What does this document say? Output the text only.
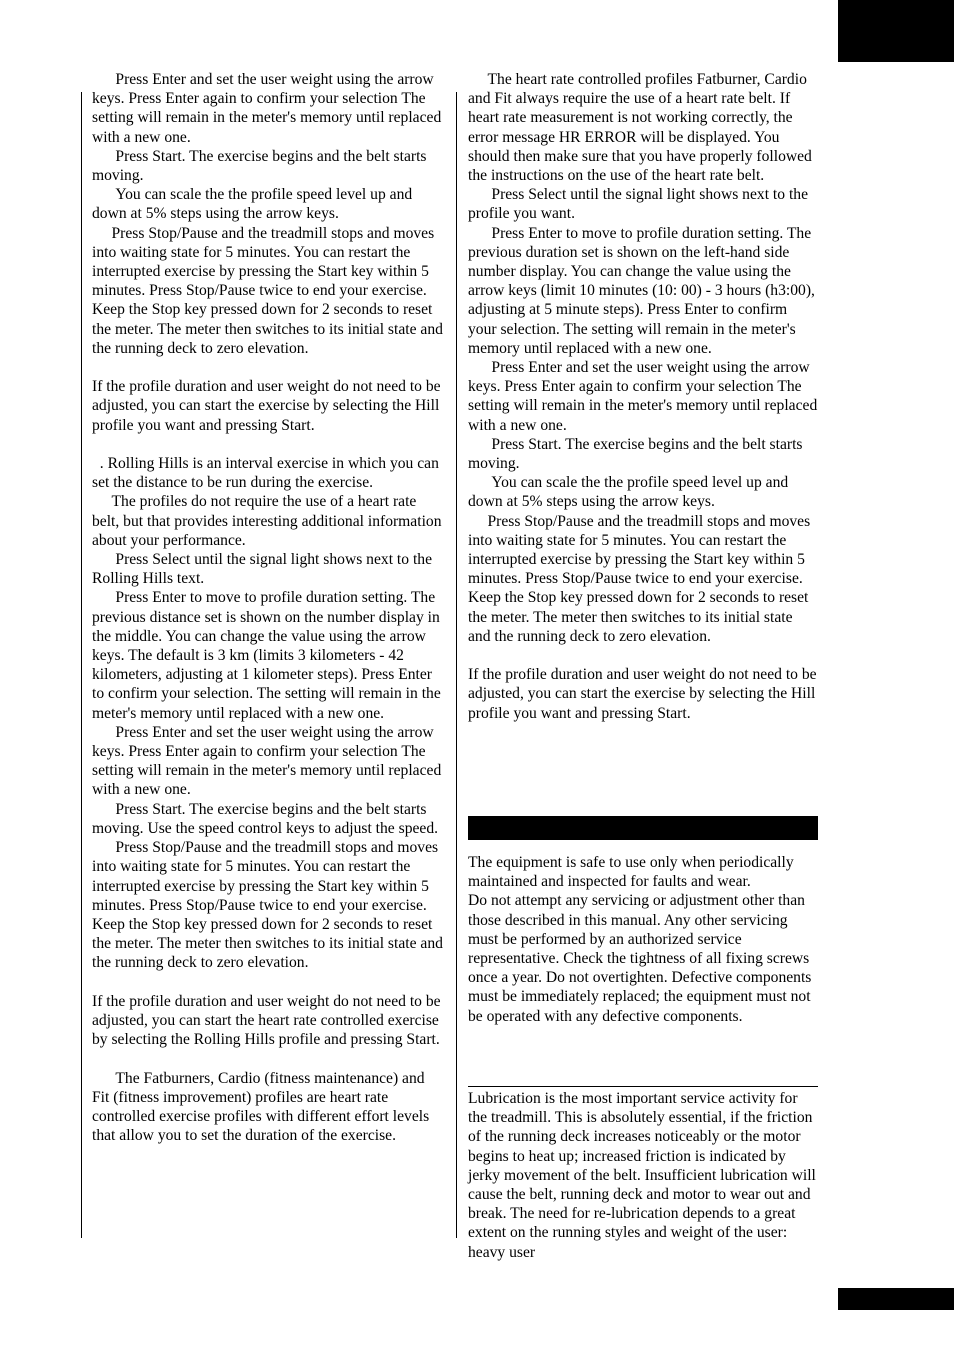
Press Enter and set the user weight using the arrow keys. Press Enter again to confirm your selection The setting will remain in the meter's memory until replaced with a new one.

Press Start. The exercise begins and the belt starts moving.

You can scale the the profile speed level up and down at 5% steps using the arrow keys.

Press Stop/Pause and the treadmill stops and moves into waiting state for 5 minutes. You can restart the interrupted exercise by pressing the Start key within 5 minutes. Press Stop/Pause twice to end your exercise. Keep the Stop key pressed down for 2 seconds to reset the meter. The meter then switches to its initial state and the running deck to zero elevation.

If the profile duration and user weight do not need to be adjusted, you can start the exercise by selecting the Hill profile you want and pressing Start.

. Rolling Hills is an interval exercise in which you can set the distance to be run during the exercise.

The profiles do not require the use of a heart rate belt, but that provides interesting additional information about your performance.

Press Select until the signal light shows next to the Rolling Hills text.

Press Enter to move to profile duration setting. The previous distance set is shown on the number display in the middle. You can change the value using the arrow keys. The default is 3 km (limits 3 kilometers - 42 kilometers, adjusting at 1 kilometer steps). Press Enter to confirm your selection. The setting will remain in the meter's memory until replaced with a new one.

Press Enter and set the user weight using the arrow keys. Press Enter again to confirm your selection The setting will remain in the meter's memory until replaced with a new one.

Press Start. The exercise begins and the belt starts moving. Use the speed control keys to adjust the speed.

Press Stop/Pause and the treadmill stops and moves into waiting state for 5 minutes. You can restart the interrupted exercise by pressing the Start key within 5 minutes. Press Stop/Pause twice to end your exercise. Keep the Stop key pressed down for 2 seconds to reset the meter. The meter then switches to its initial state and the running deck to zero elevation.

If the profile duration and user weight do not need to be adjusted, you can start the heart rate controlled exercise by selecting the Rolling Hills profile and pressing Start.

The Fatburners, Cardio (fitness maintenance) and Fit (fitness improvement) profiles are heart rate controlled exercise profiles with different effort levels that allow you to set the duration of the exercise.

The heart rate controlled profiles Fatburner, Cardio and Fit always require the use of a heart rate belt. If heart rate measurement is not working correctly, the error message HR ERROR will be displayed. You should then make sure that you have properly followed the instructions on the use of the heart rate belt.

Press Select until the signal light shows next to the profile you want.

Press Enter to move to profile duration setting. The previous duration set is shown on the left-hand side number display. You can change the value using the arrow keys (limit 10 minutes (10: 00) - 3 hours (h3:00), adjusting at 5 minute steps). Press Enter to confirm your selection. The setting will remain in the meter's memory until replaced with a new one.

Press Enter and set the user weight using the arrow keys. Press Enter again to confirm your selection The setting will remain in the meter's memory until replaced with a new one.

Press Start. The exercise begins and the belt starts moving.

You can scale the the profile speed level up and down at 5% steps using the arrow keys.

Press Stop/Pause and the treadmill stops and moves into waiting state for 5 minutes. You can restart the interrupted exercise by pressing the Start key within 5 minutes. Press Stop/Pause twice to end your exercise. Keep the Stop key pressed down for 2 seconds to reset the meter. The meter then switches to its initial state and the running deck to zero elevation.

If the profile duration and user weight do not need to be adjusted, you can start the exercise by selecting the Hill profile you want and pressing Start.

The equipment is safe to use only when periodically maintained and inspected for faults and wear.                  Do not attempt any servicing or adjustment other than those described in this manual. Any other servicing must be performed by an authorized service representative. Check the tightness of all fixing screws once a year. Do not overtighten. Defective components must be immediately replaced; the equipment must not be operated with any defective components.

Lubrication is the most important service activity for the treadmill. This is absolutely essential, if the friction of the running deck increases noticeably or the motor begins to heat up; increased friction is indicated by jerky movement of the belt. Insufficient lubrication will cause the belt, running deck and motor to wear out and break. The need for re-lubrication depends to a great extent on the running styles and weight of the user: heavy user
